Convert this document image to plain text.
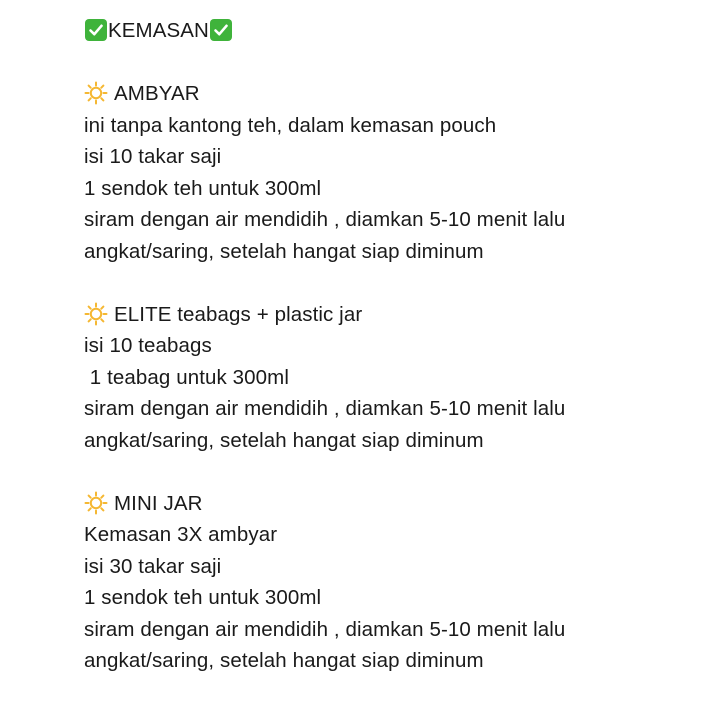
KEMASAN
AMBYAR
ini tanpa kantong teh, dalam kemasan pouch
isi 10 takar saji
1 sendok teh untuk 300ml
siram dengan air mendidih , diamkan 5-10 menit lalu
angkat/saring, setelah hangat siap diminum
ELITE teabags + plastic jar
isi 10 teabags
1 teabag untuk 300ml
siram dengan air mendidih , diamkan 5-10 menit lalu
angkat/saring, setelah hangat siap diminum
MINI JAR
Kemasan 3X ambyar
isi 30 takar saji
1 sendok teh untuk 300ml
siram dengan air mendidih , diamkan 5-10 menit lalu
angkat/saring, setelah hangat siap diminum
